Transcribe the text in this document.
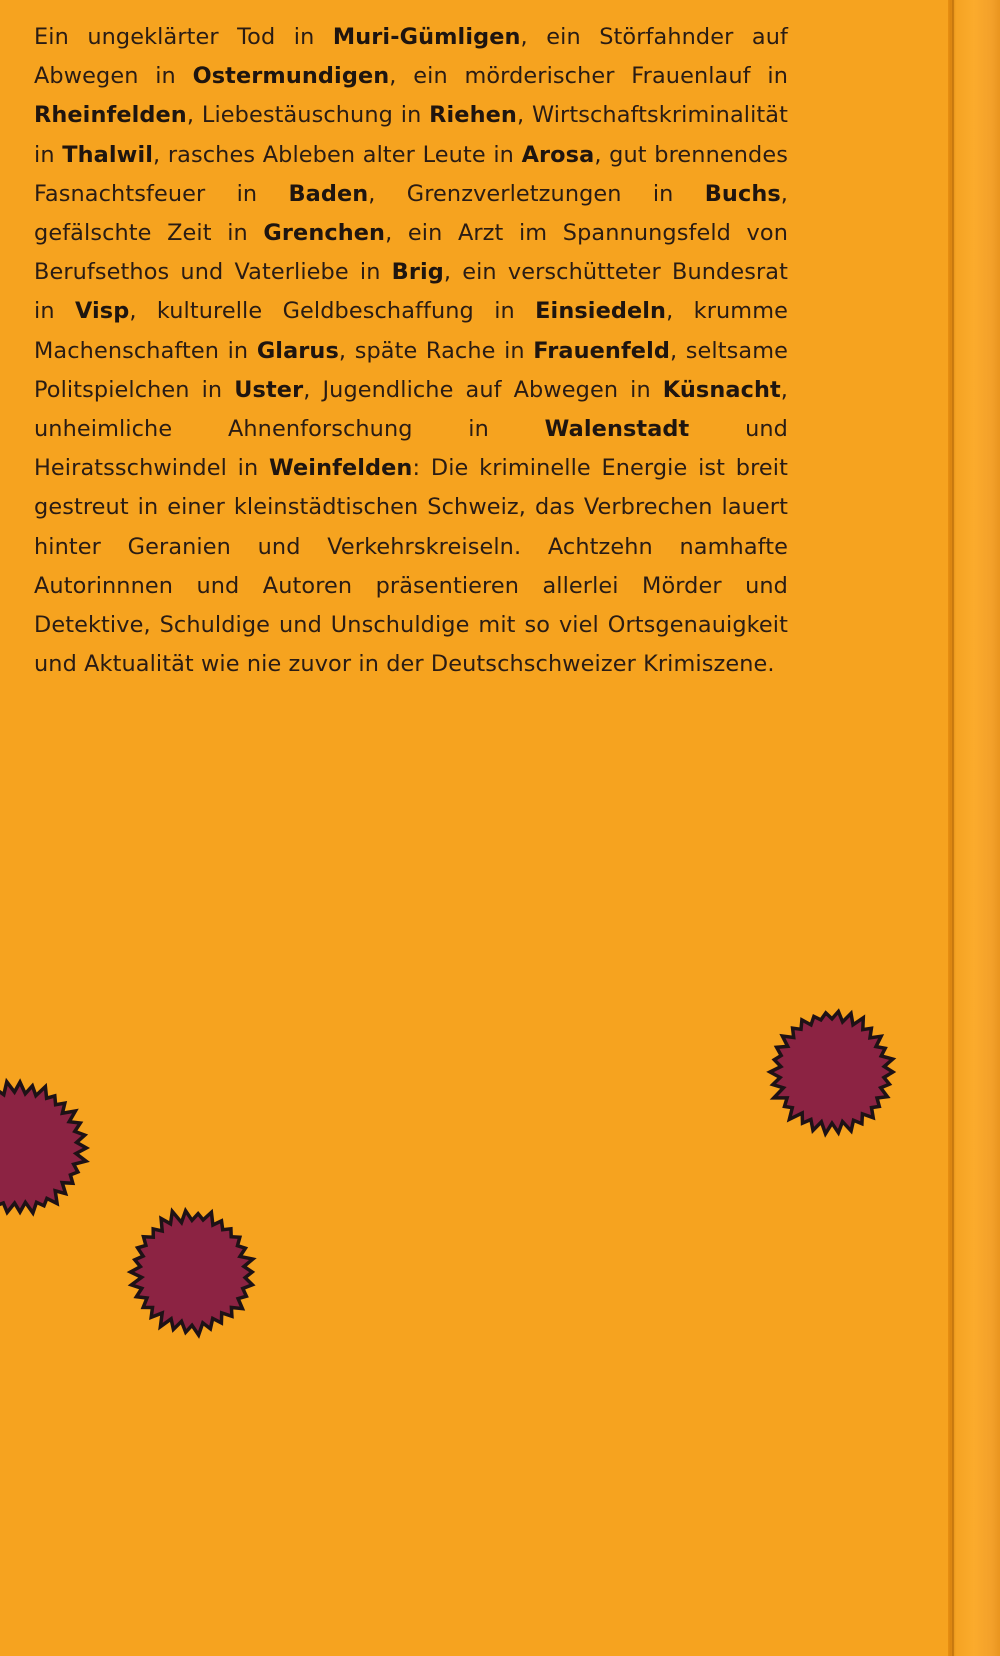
Ein ungeklärter Tod in Muri-Gümligen, ein Störfahnder auf Abwegen in Ostermundigen, ein mörderischer Frauenlauf in Rheinfelden, Liebestäuschung in Riehen, Wirtschaftskriminalität in Thalwil, rasches Ableben alter Leute in Arosa, gut brennendes Fasnachtsfeuer in Baden, Grenzverletzungen in Buchs, gefälschte Zeit in Grenchen, ein Arzt im Spannungsfeld von Berufsethos und Vaterliebe in Brig, ein verschütteter Bundesrat in Visp, kulturelle Geldbeschaffung in Einsiedeln, krumme Machenschaften in Glarus, späte Rache in Frauenfeld, seltsame Politspielchen in Uster, Jugendliche auf Abwegen in Küsnacht, unheimliche Ahnenforschung in Walenstadt und Heiratsschwindel in Weinfelden: Die kriminelle Energie ist breit gestreut in einer kleinstädtischen Schweiz, das Verbrechen lauert hinter Geranien und Verkehrskreiseln. Achtzehn namhafte Autorinnnen und Autoren präsentieren allerlei Mörder und Detektive, Schuldige und Unschuldige mit so viel Ortsgenauigkeit und Aktualität wie nie zuvor in der Deutschschweizer Krimiszene.
